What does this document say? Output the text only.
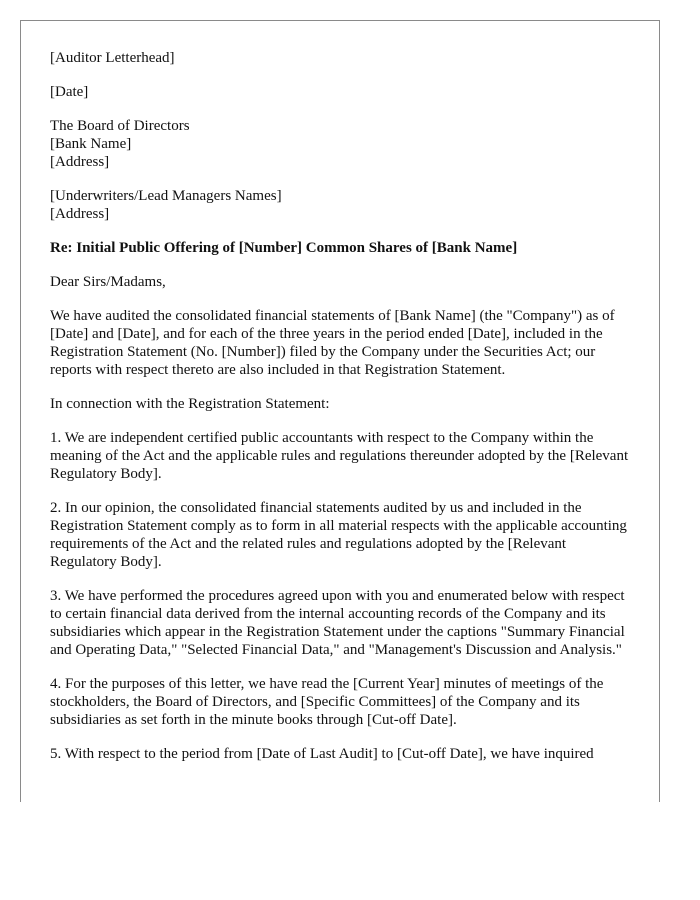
[Auditor Letterhead]

[Date]

The Board of Directors
[Bank Name]
[Address]

[Underwriters/Lead Managers Names]
[Address]

Re: Initial Public Offering of [Number] Common Shares of [Bank Name]

Dear Sirs/Madams,

We have audited the consolidated financial statements of [Bank Name] (the "Company") as of [Date] and [Date], and for each of the three years in the period ended [Date], included in the Registration Statement (No. [Number]) filed by the Company under the Securities Act; our reports with respect thereto are also included in that Registration Statement.

In connection with the Registration Statement:

1. We are independent certified public accountants with respect to the Company within the meaning of the Act and the applicable rules and regulations thereunder adopted by the [Relevant Regulatory Body].

2. In our opinion, the consolidated financial statements audited by us and included in the Registration Statement comply as to form in all material respects with the applicable accounting requirements of the Act and the related rules and regulations adopted by the [Relevant Regulatory Body].

3. We have performed the procedures agreed upon with you and enumerated below with respect to certain financial data derived from the internal accounting records of the Company and its subsidiaries which appear in the Registration Statement under the captions "Summary Financial and Operating Data," "Selected Financial Data," and "Management's Discussion and Analysis."

4. For the purposes of this letter, we have read the [Current Year] minutes of meetings of the stockholders, the Board of Directors, and [Specific Committees] of the Company and its subsidiaries as set forth in the minute books through [Cut-off Date].

5. With respect to the period from [Date of Last Audit] to [Cut-off Date], we have inquired
